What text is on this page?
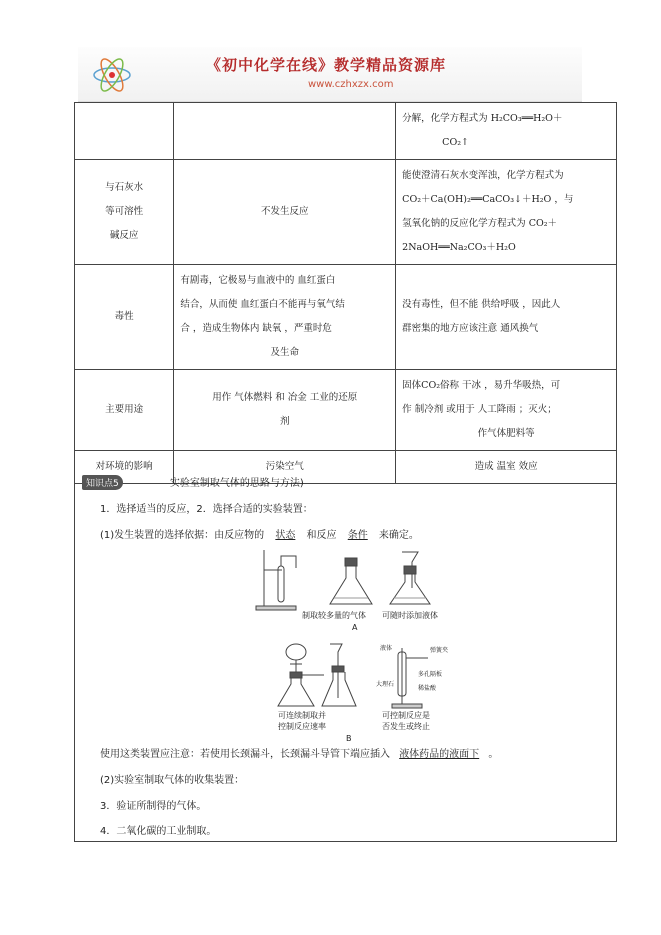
《初中化学在线》教学精品资源库
www.czhxzx.com

		分解，化学方程式为 H₂CO₃══H₂O＋
CO₂↑

与石灰水
等可溶性
碱反应	不发生反应	能使澄清石灰水变浑浊，化学方程式为
CO₂＋Ca(OH)₂══CaCO₃↓＋H₂O ，与
氢氧化钠的反应化学方程式为 CO₂＋
2NaOH══Na₂CO₃＋H₂O

毒性	有剧毒，它极易与血液中的 血红蛋白
结合，从而使 血红蛋白不能再与氧气结
合 ，造成生物体内 缺氧 ，严重时危
及生命	没有毒性，但不能 供给呼吸 ，因此人
群密集的地方应该注意 通风换气

主要用途	用作 气体燃料 和 冶金 工业的还原
剂	固体CO₂俗称 干冰 ，易升华吸热，可
作 制冷剂 或用于 人工降雨 ；灭火；
作气体肥料等

对环境的影响	污染空气	造成 温室 效应
知识点5	实验室制取气体的思路与方法)
1．选择适当的反应，2．选择合适的实验装置：
(1)发生装置的选择依据：由反应物的 状态 和反应 条件 来确定。
制取较多量的气体 可随时添加液体
A
可连续制取并
控制反应速率
液体	弹簧夹
大理石
多孔隔板
稀盐酸
可控制反应是
否发生或终止
B
使用这类装置应注意：若使用长颈漏斗，长颈漏斗导管下端应插入 液体药品的液面下 。
(2)实验室制取气体的收集装置：
3．验证所制得的气体。
4．二氧化碳的工业制取。
